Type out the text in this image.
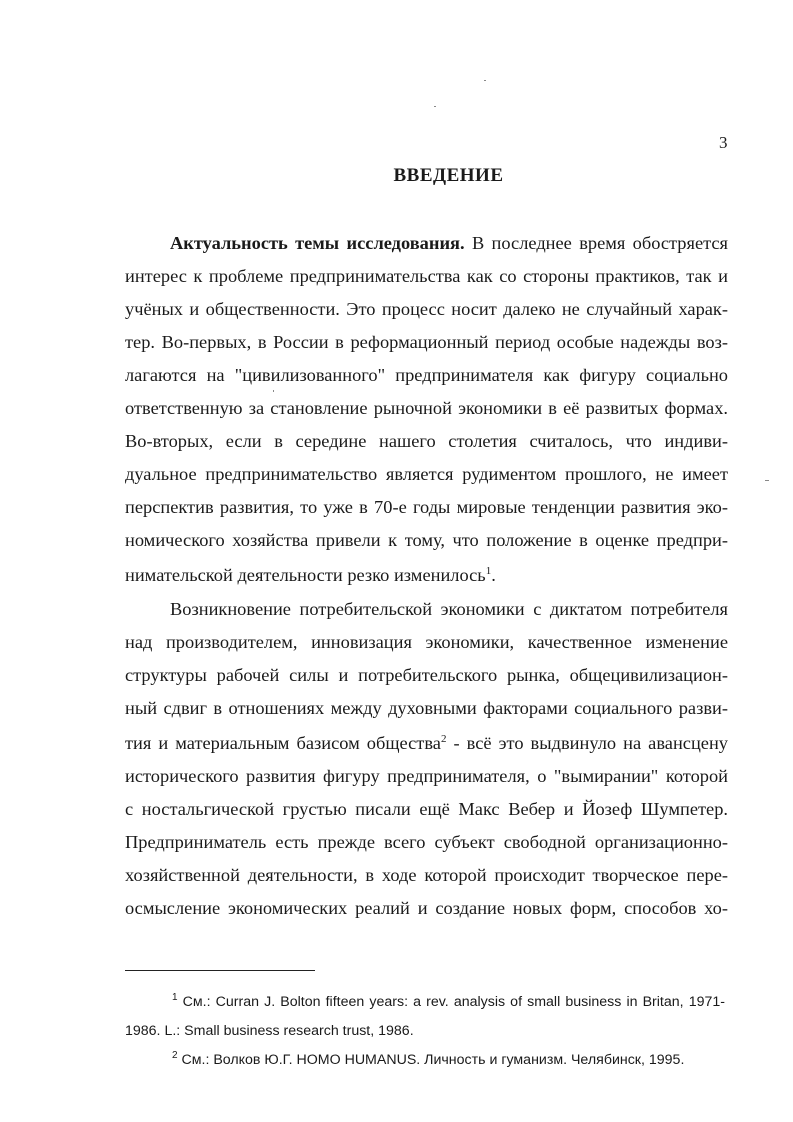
3
ВВЕДЕНИЕ
Актуальность темы исследования. В последнее время обостряется
интерес к проблеме предпринимательства как со стороны практиков, так и
учёных и общественности. Это процесс носит далеко не случайный харак-
тер. Во-первых, в России в реформационный период особые надежды воз-
лагаются на "цивилизованного" предпринимателя как фигуру социально
ответственную за становление рыночной экономики в её развитых формах.
Во-вторых, если в середине нашего столетия считалось, что индиви-
дуальное предпринимательство является рудиментом прошлого, не имеет
перспектив развития, то уже в 70-е годы мировые тенденции развития эко-
номического хозяйства привели к тому, что положение в оценке предпри-
нимательской деятельности резко изменилось$^1$.
Возникновение потребительской экономики с диктатом потребителя
над производителем, инновизация экономики, качественное изменение
структуры рабочей силы и потребительского рынка, общецивилизацион-
ный сдвиг в отношениях между духовными факторами социального разви-
тия и материальным базисом общества$^2$ - всё это выдвинуло на авансцену
исторического развития фигуру предпринимателя, о "вымирании" которой
с ностальгической грустью писали ещё Макс Вебер и Йозеф Шумпетер.
Предприниматель есть прежде всего субъект свободной организационно-
хозяйственной деятельности, в ходе которой происходит творческое пере-
осмысление экономических реалий и создание новых форм, способов хо-
$^1$ См.: Curran J. Bolton fifteen years: a rev. analysis of small business in Britan, 1971-
1986. L.: Small business research trust, 1986.
$^2$ См.: Волков Ю.Г. HOMO HUMANUS. Личность и гуманизм. Челябинск, 1995.
